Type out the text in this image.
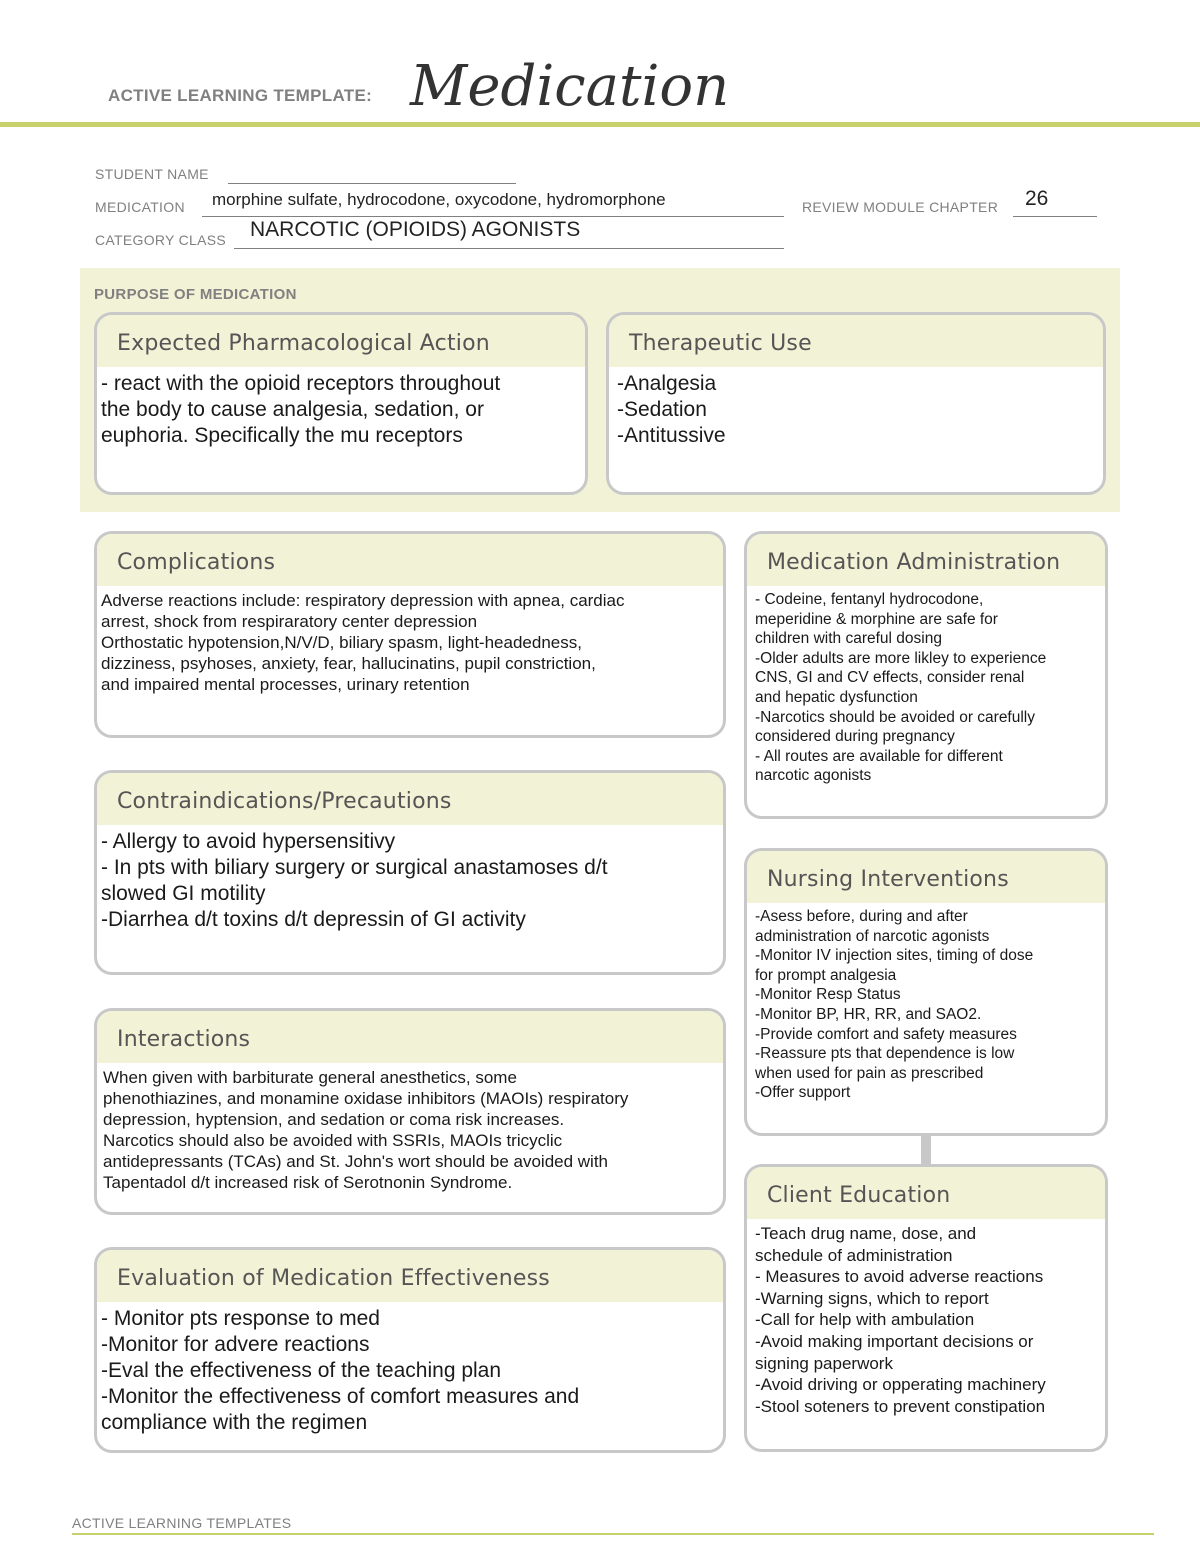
ACTIVE LEARNING TEMPLATE: Medication
STUDENT NAME
MEDICATION morphine sulfate, hydrocodone, oxycodone, hydromorphone	REVIEW MODULE CHAPTER 26
CATEGORY CLASS NARCOTIC (OPIOIDS) AGONISTS
PURPOSE OF MEDICATION
Expected Pharmacological Action
- react with the opioid receptors throughout
the body to cause analgesia, sedation, or
euphoria. Specifically the mu receptors
Therapeutic Use
-Analgesia
-Sedation
-Antitussive
Complications
Adverse reactions include: respiratory depression with apnea, cardiac
arrest, shock from respiraratory center depression
Orthostatic hypotension,N/V/D, biliary spasm, light-headedness,
dizziness, psyhoses, anxiety, fear, hallucinatins, pupil constriction,
and impaired mental processes, urinary retention
Medication Administration
- Codeine, fentanyl hydrocodone,
meperidine & morphine are safe for
children with careful dosing
-Older adults are more likley to experience
CNS, GI and CV effects, consider renal
and hepatic dysfunction
-Narcotics should be avoided or carefully
considered during pregnancy
- All routes are available for different
narcotic agonists
Contraindications/Precautions
- Allergy to avoid hypersensitivy
- In pts with biliary surgery or surgical anastamoses d/t
slowed GI motility
-Diarrhea d/t toxins d/t depressin of GI activity
Nursing Interventions
-Asess before, during and after
administration of narcotic agonists
-Monitor IV injection sites, timing of dose
for prompt analgesia
-Monitor Resp Status
-Monitor BP, HR, RR, and SAO2.
-Provide comfort and safety measures
-Reassure pts that dependence is low
when used for pain as prescribed
-Offer support
Interactions
When given with barbiturate general anesthetics, some
phenothiazines, and monamine oxidase inhibitors (MAOIs) respiratory
depression, hyptension, and sedation or coma risk increases.
Narcotics should also be avoided with SSRIs, MAOIs tricyclic
antidepressants (TCAs) and St. John's wort should be avoided with
Tapentadol d/t increased risk of Serotnonin Syndrome.
Client Education
-Teach drug name, dose, and
schedule of administration
- Measures to avoid adverse reactions
-Warning signs, which to report
-Call for help with ambulation
-Avoid making important decisions or
signing paperwork
-Avoid driving or opperating machinery
-Stool soteners to prevent constipation
Evaluation of Medication Effectiveness
- Monitor pts response to med
-Monitor for advere reactions
-Eval the effectiveness of the teaching plan
-Monitor the effectiveness of comfort measures and
compliance with the regimen
ACTIVE LEARNING TEMPLATES
